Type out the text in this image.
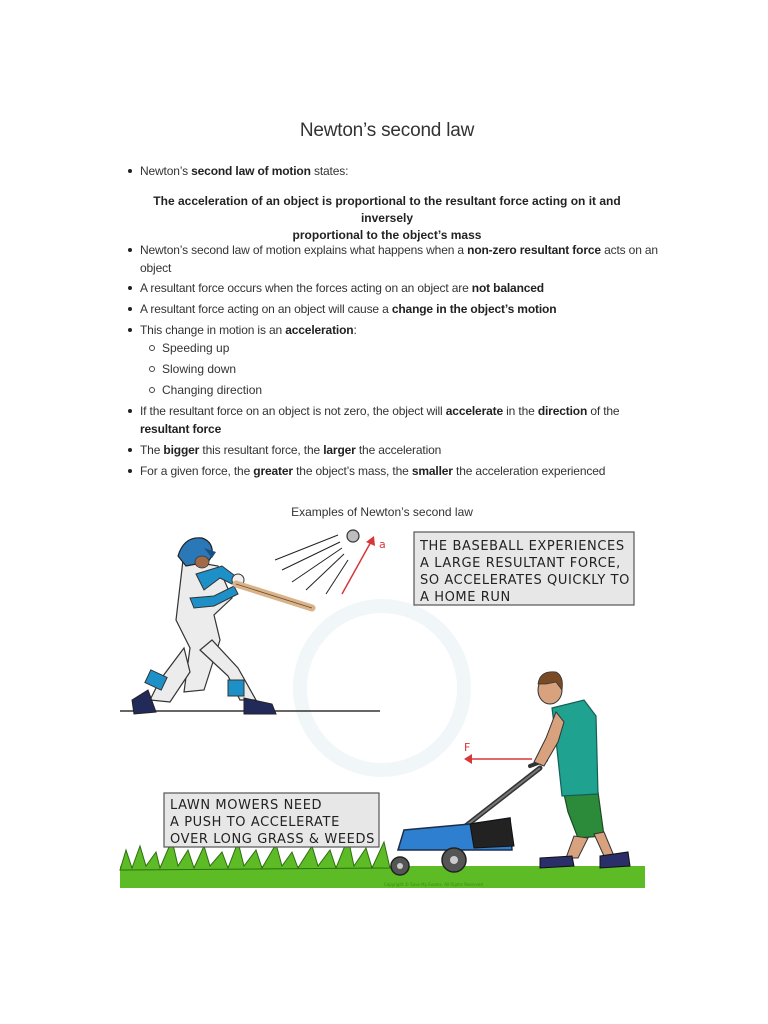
Newton’s second law
Newton’s second law of motion states:
The acceleration of an object is proportional to the resultant force acting on it and inversely
proportional to the object’s mass
Newton’s second law of motion explains what happens when a non-zero resultant force acts on an object
A resultant force occurs when the forces acting on an object are not balanced
A resultant force acting on an object will cause a change in the object’s motion
This change in motion is an acceleration:
Speeding up
Slowing down
Changing direction
If the resultant force on an object is not zero, the object will accelerate in the direction of the resultant force
The bigger this resultant force, the larger the acceleration
For a given force, the greater the object’s mass, the smaller the acceleration experienced
Examples of Newton’s second law
a	THE BASEBALL EXPERIENCES
A LARGE RESULTANT FORCE,
SO ACCELERATES QUICKLY TO
A HOME RUN
Copyright © Save My Exams. All Rights Reserved
F
LAWN MOWERS NEED
A PUSH TO ACCELERATE
OVER LONG GRASS & WEEDS
